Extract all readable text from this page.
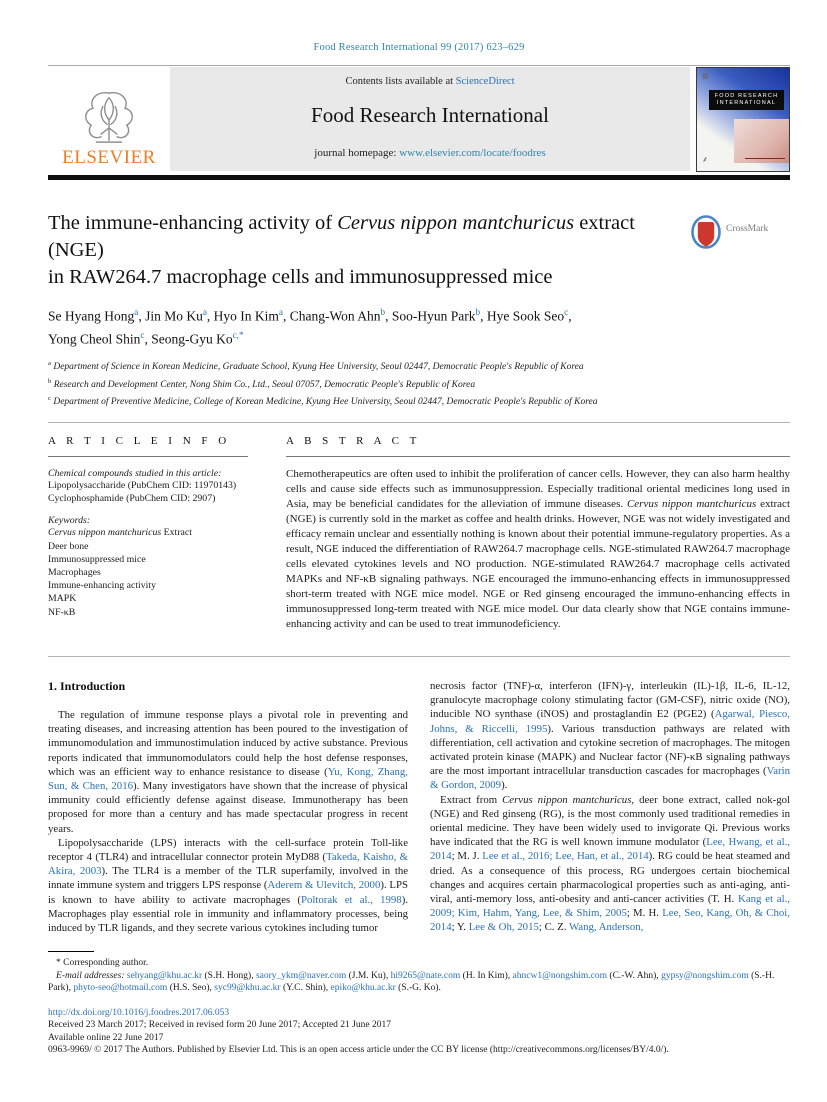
Food Research International 99 (2017) 623–629
ELSEVIER
Contents lists available at ScienceDirect
Food Research International
journal homepage: www.elsevier.com/locate/foodres
▦
FOOD RESEARCH
INTERNATIONAL
⸙
The immune-enhancing activity of Cervus nippon mantchuricus extract (NGE)
in RAW264.7 macrophage cells and immunosuppressed mice
CrossMark
Se Hyang Hong$^a$, Jin Mo Ku$^a$, Hyo In Kim$^a$, Chang-Won Ahn$^b$, Soo-Hyun Park$^b$, Hye Sook Seo$^c$,
Yong Cheol Shin$^c$, Seong-Gyu $Ko^{c,*}$
$^a$ Department of Science in Korean Medicine, Graduate School, Kyung Hee University, Seoul 02447, Democratic People's Republic of Korea
$^b$ Research and Development Center, Nong Shim Co., Ltd., Seoul 07057, Democratic People's Republic of Korea
$^c$ Department of Preventive Medicine, College of Korean Medicine, Kyung Hee University, Seoul 02447, Democratic People's Republic of Korea
A R T I C L E I N F O
Chemical compounds studied in this article:
Lipopolysaccharide (PubChem CID: 11970143)
Cyclophosphamide (PubChem CID: 2907)
Keywords:
Cervus nippon mantchuricus Extract
Deer bone
Immunosuppressed mice
Macrophages
Immune-enhancing activity
MAPK
NF-κB
A B S T R A C T
Chemotherapeutics are often used to inhibit the proliferation of cancer cells. However, they can also harm healthy cells and cause side effects such as immunosuppression. Especially traditional oriental medicines long used in Asia, may be beneficial candidates for the alleviation of immune diseases. Cervus nippon mantchuricus extract (NGE) is currently sold in the market as coffee and health drinks. However, NGE was not widely investigated and efficacy remain unclear and essentially nothing is known about their potential immune-regulatory properties. As a result, NGE induced the differentiation of RAW264.7 macrophage cells. NGE-stimulated RAW264.7 macrophage cells elevated cytokines levels and NO production. NGE-stimulated RAW264.7 macrophage cells activated MAPKs and NF-κB signaling pathways. NGE encouraged the immuno-enhancing effects in immunosuppressed short-term treated with NGE mice model. NGE or Red ginseng encouraged the immuno-enhancing effects in immunosuppressed long-term treated with NGE mice model. Our data clearly show that NGE contains immune-enhancing activity and can be used to treat immunodeficiency.
1. Introduction

The regulation of immune response plays a pivotal role in preventing and treating diseases, and increasing attention has been poured to the investigation of immunomodulation and immunostimulation induced by active substance. Previous reports indicated that immunomodulators could help the host defense responses, which was an efficient way to enhance resistance to disease (Yu, Kong, Zhang, Sun, & Chen, 2016). Many investigators have shown that the increase of physical immunity could efficiently defense against disease. Immunotherapy has been proposed for more than a century and has made spectacular progress in recent years.

Lipopolysaccharide (LPS) interacts with the cell-surface protein Toll-like receptor 4 (TLR4) and intracellular connector protein MyD88 (Takeda, Kaisho, & Akira, 2003). The TLR4 is a member of the TLR superfamily, involved in the innate immune system and triggers LPS response (Aderem & Ulevitch, 2000). LPS is known to have ability to activate macrophages (Poltorak et al., 1998). Macrophages play essential role in immunity and inflammatory processes, being induced by TLR ligands, and they secrete various cytokines including tumor

necrosis factor (TNF)-α, interferon (IFN)-γ, interleukin (IL)-1β, IL-6, IL-12, granulocyte macrophage colony stimulating factor (GM-CSF), nitric oxide (NO), inducible NO synthase (iNOS) and prostaglandin E2 (PGE2) (Agarwal, Piesco, Johns, & Riccelli, 1995). Various transduction pathways are related with differentiation, cell activation and cytokine secretion of macrophages. The mitogen activated protein kinase (MAPK) and Nuclear factor (NF)-κB signaling pathways are the most important intracellular transduction cascades for macrophages (Varin & Gordon, 2009).

Extract from Cervus nippon mantchuricus, deer bone extract, called nok-gol (NGE) and Red ginseng (RG), is the most commonly used traditional remedies in oriental medicine. They have been widely used to invigorate Qi. Previous works have indicated that the RG is well known immune modulator (Lee, Hwang, et al., 2014; M. J. Lee et al., 2016; Lee, Han, et al., 2014). RG could be heat steamed and dried. As a consequence of this process, RG undergoes certain biochemical changes and acquires certain pharmacological properties such as anti-aging, anti-viral, anti-memory loss, anti-obesity and anti-cancer activities (T. H. Kang et al., 2009; Kim, Hahm, Yang, Lee, & Shim, 2005; M. H. Lee, Seo, Kang, Oh, & Choi, 2014; Y. Lee & Oh, 2015; C. Z. Wang, Anderson,

* Corresponding author.
E-mail addresses: sehyang@khu.ac.kr (S.H. Hong), saory_ykm@naver.com (J.M. Ku), hi9265@nate.com (H. In Kim), ahncw1@nongshim.com (C.-W. Ahn), gypsy@nongshim.com (S.-H. Park), phyto-seo@hotmail.com (H.S. Seo), syc99@khu.ac.kr (Y.C. Shin), epiko@khu.ac.kr (S.-G. Ko).
http://dx.doi.org/10.1016/j.foodres.2017.06.053
Received 23 March 2017; Received in revised form 20 June 2017; Accepted 21 June 2017
Available online 22 June 2017
0963-9969/ © 2017 The Authors. Published by Elsevier Ltd. This is an open access article under the CC BY license (http://creativecommons.org/licenses/BY/4.0/).
